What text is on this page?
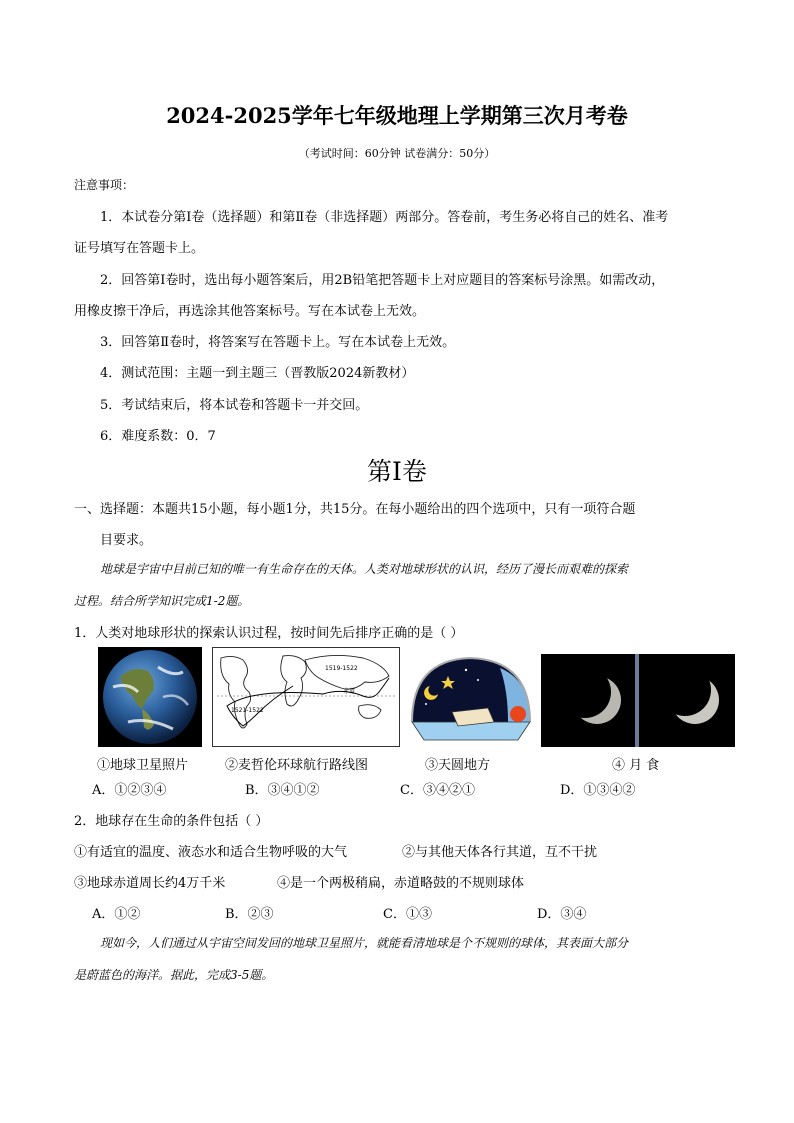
2024-2025学年七年级地理上学期第三次月考卷
（考试时间：60分钟 试卷满分：50分）
注意事项：
1．本试卷分第Ⅰ卷（选择题）和第Ⅱ卷（非选择题）两部分。答卷前，考生务必将自己的姓名、准考
证号填写在答题卡上。
2．回答第Ⅰ卷时，选出每小题答案后，用2B铅笔把答题卡上对应题目的答案标号涂黑。如需改动，
用橡皮擦干净后，再选涂其他答案标号。写在本试卷上无效。
3．回答第Ⅱ卷时，将答案写在答题卡上。写在本试卷上无效。
4．测试范围：主题一到主题三（晋教版2024新教材）
5．考试结束后，将本试卷和答题卡一并交回。
6．难度系数：0．7
第Ⅰ卷
一、选择题：本题共15小题，每小题1分，共15分。在每小题给出的四个选项中，只有一项符合题
目要求。
地球是宇宙中目前已知的唯一有生命存在的天体。人类对地球形状的认识，经历了漫长而艰难的探索
过程。结合所学知识完成1-2题。
1．人类对地球形状的探索认识过程，按时间先后排序正确的是（ ）
1519-1522
1521-1522
赤道
①地球卫星照片	②麦哲伦环球航行路线图	③天圆地方	④ 月 食
A．①②③④	B．③④①②	C．③④②①	D．①③④②
2．地球存在生命的条件包括（ ）
①有适宜的温度、液态水和适合生物呼吸的大气	②与其他天体各行其道，互不干扰
③地球赤道周长约4万千米	④是一个两极稍扁，赤道略鼓的不规则球体
A．①②	B．②③	C．①③	D．③④
现如今，人们通过从宇宙空间发回的地球卫星照片，就能看清地球是个不规则的球体，其表面大部分
是蔚蓝色的海洋。据此，完成3-5题。
